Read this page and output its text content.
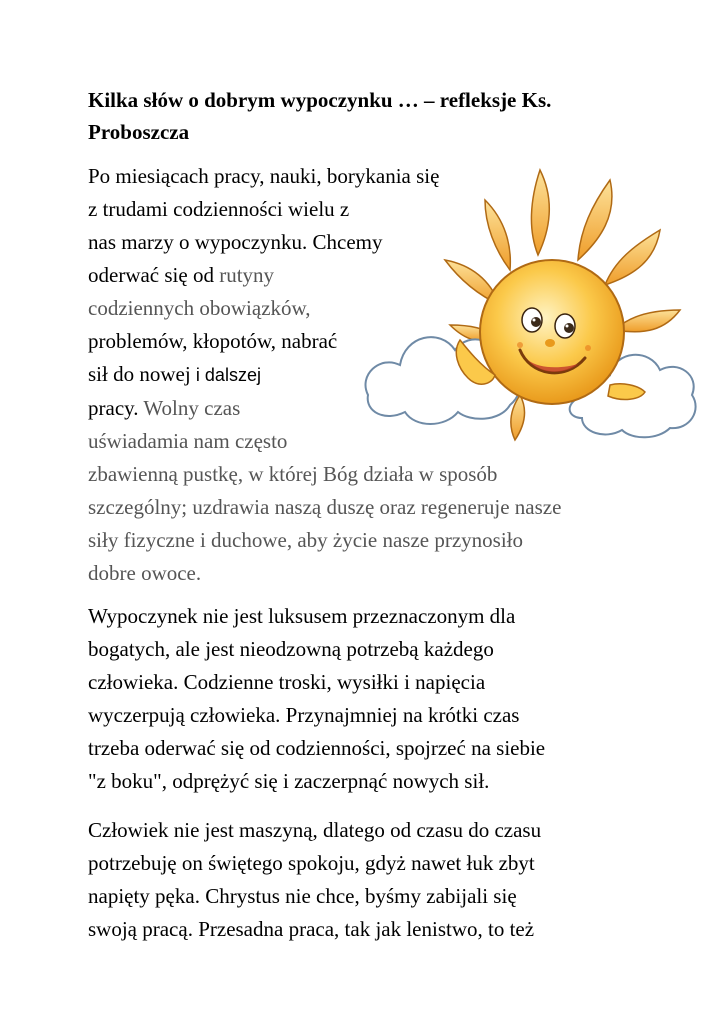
Kilka słów o dobrym wypoczynku … – refleksje Ks.
Proboszcza
Po miesiącach pracy, nauki, borykania się
z trudami codzienności wielu z
nas marzy o wypoczynku. Chcemy
oderwać się od rutyny
codziennych obowiązków,
problemów, kłopotów, nabrać
sił do nowej i dalszej
pracy. Wolny czas
uświadamia nam często
zbawienną pustkę, w której Bóg działa w sposób
szczególny; uzdrawia naszą duszę oraz regeneruje nasze
siły fizyczne i duchowe, aby życie nasze przynosiło
dobre owoce.
Wypoczynek nie jest luksusem przeznaczonym dla
bogatych, ale jest nieodzowną potrzebą każdego
człowieka. Codzienne troski, wysiłki i napięcia
wyczerpują człowieka. Przynajmniej na krótki czas
trzeba oderwać się od codzienności, spojrzeć na siebie
"z boku", odprężyć się i zaczerpnąć nowych sił.
Człowiek nie jest maszyną, dlatego od czasu do czasu
potrzebuję on świętego spokoju, gdyż nawet łuk zbyt
napięty pęka. Chrystus nie chce, byśmy zabijali się
swoją pracą. Przesadna praca, tak jak lenistwo, to też
